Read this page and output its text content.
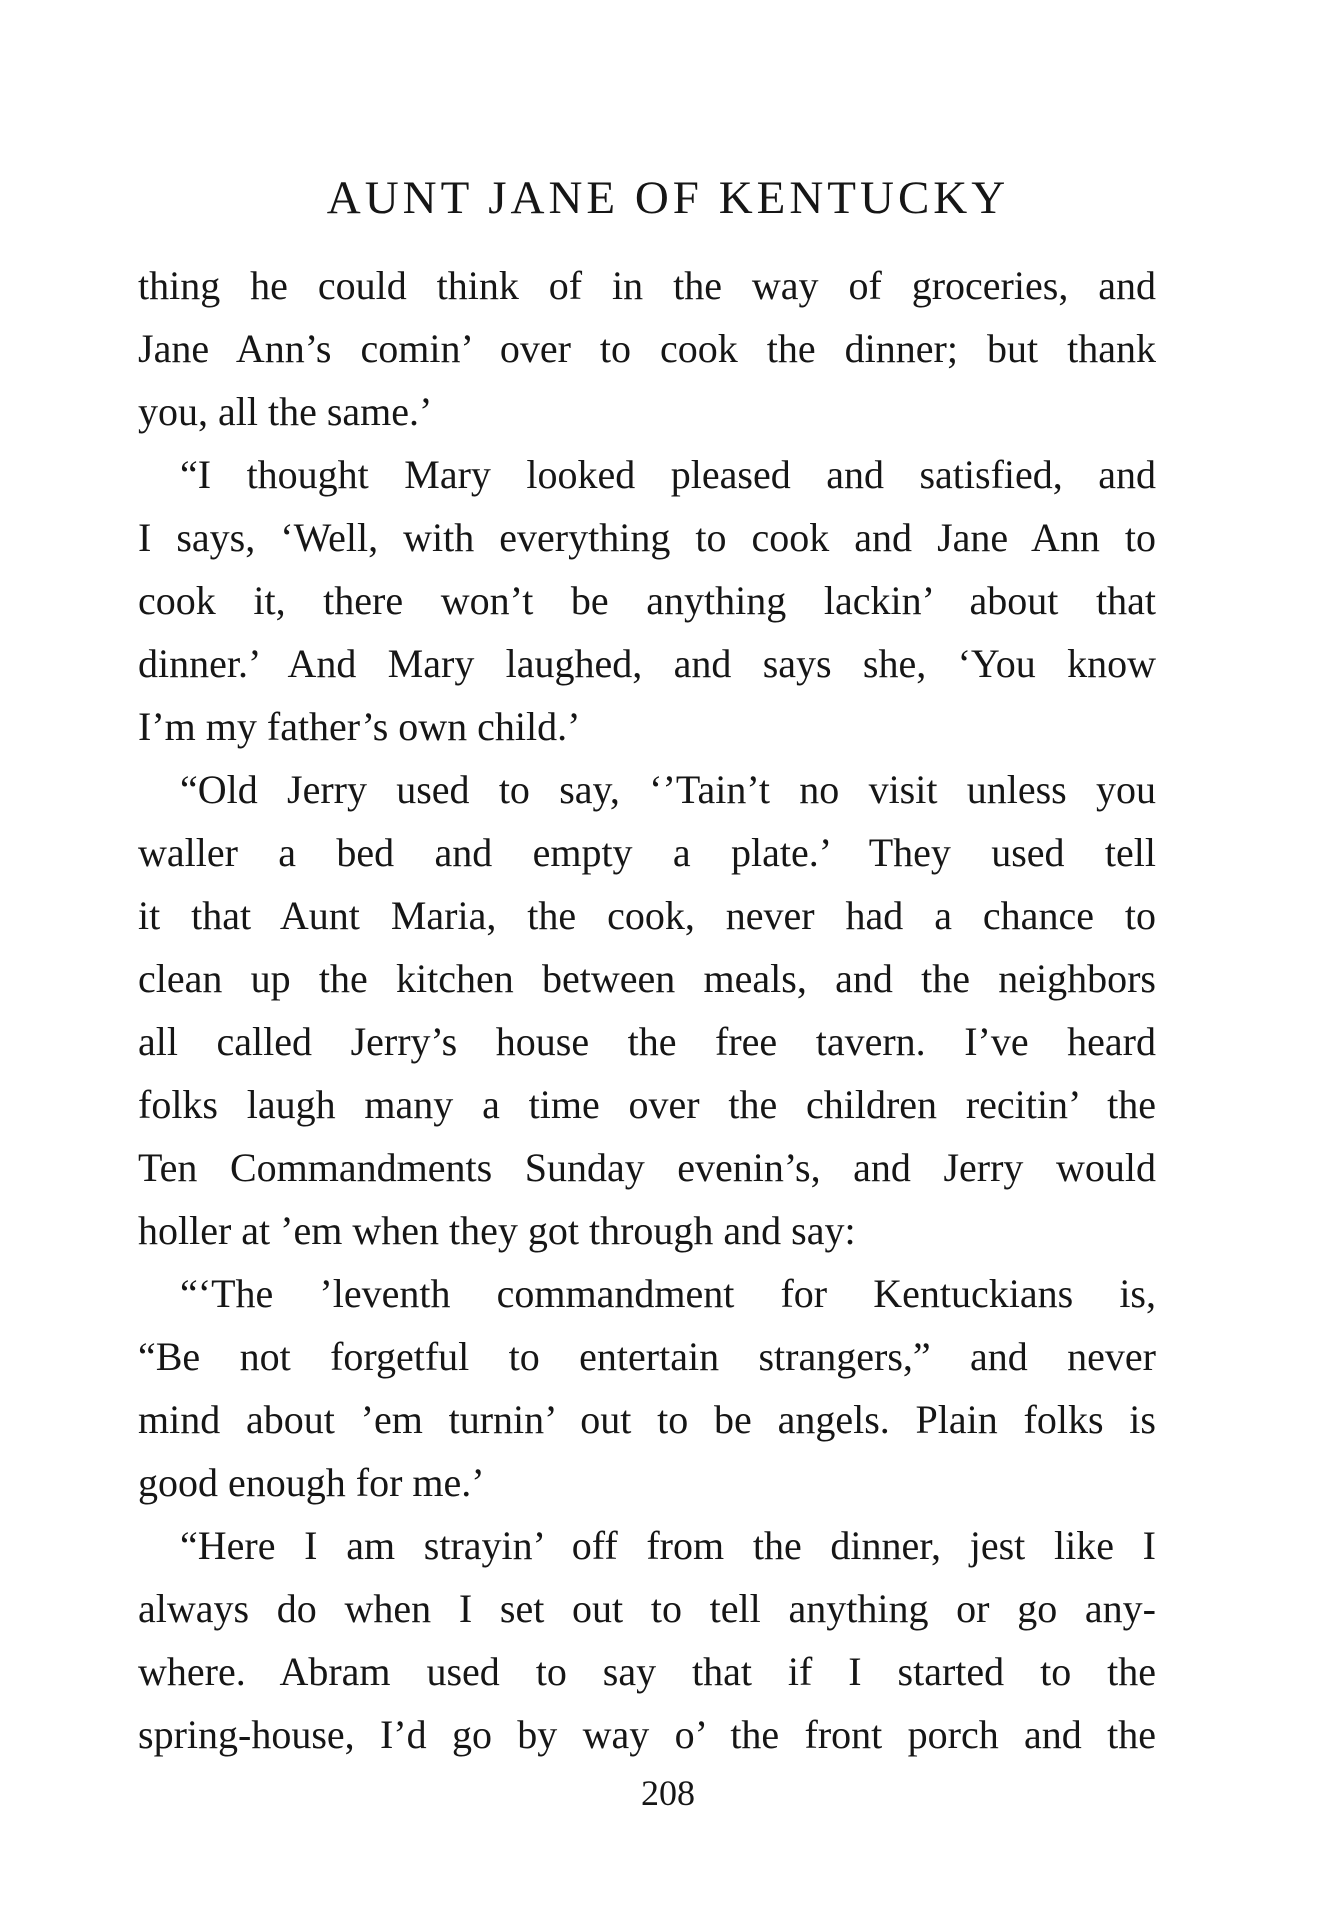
AUNT JANE OF KENTUCKY
thing he could think of in the way of groceries, and
Jane Ann’s comin’ over to cook the dinner; but thank
you, all the same.’
“I thought Mary looked pleased and satisfied, and
I says, ‘Well, with everything to cook and Jane Ann to
cook it, there won’t be anything lackin’ about that
dinner.’ And Mary laughed, and says she, ‘You know
I’m my father’s own child.’
“Old Jerry used to say, ‘’Tain’t no visit unless you
waller a bed and empty a plate.’ They used tell
it that Aunt Maria, the cook, never had a chance to
clean up the kitchen between meals, and the neighbors
all called Jerry’s house the free tavern. I’ve heard
folks laugh many a time over the children recitin’ the
Ten Commandments Sunday evenin’s, and Jerry would
holler at ’em when they got through and say:
“‘The ’leventh commandment for Kentuckians is,
“Be not forgetful to entertain strangers,” and never
mind about ’em turnin’ out to be angels. Plain folks is
good enough for me.’
“Here I am strayin’ off from the dinner, jest like I
always do when I set out to tell anything or go any-
where. Abram used to say that if I started to the
spring-house, I’d go by way o’ the front porch and the
208
